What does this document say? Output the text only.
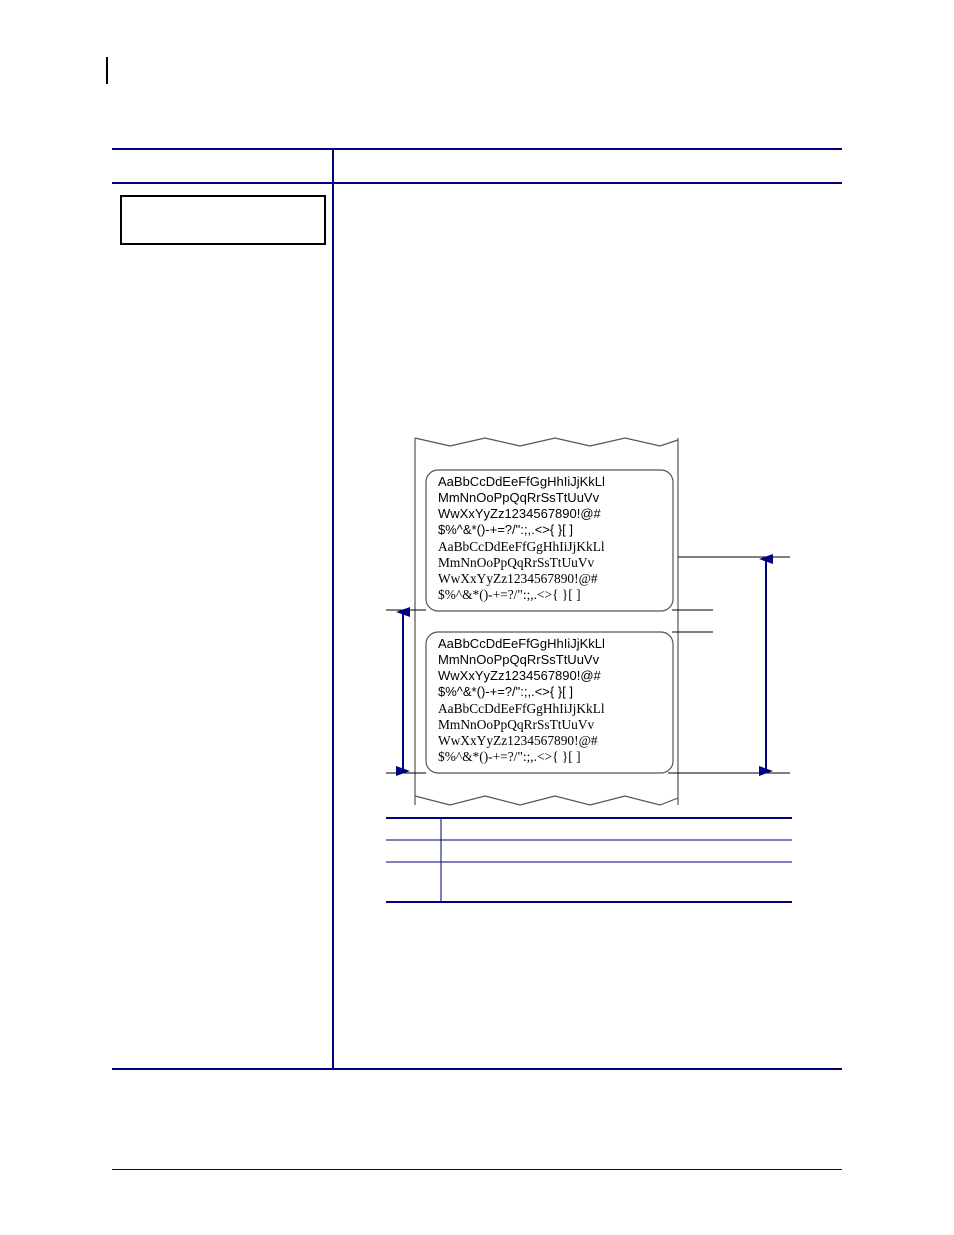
AaBbCcDdEeFfGgHhIiJjKkLl
MmNnOoPpQqRrSsTtUuVv
WwXxYyZz1234567890!@#
$%^&*()-+=?/":;,.<>{ }[ ]
AaBbCcDdEeFfGgHhIiJjKkLl
MmNnOoPpQqRrSsTtUuVv
WwXxYyZz1234567890!@#
$%^&*()-+=?/":;,.<>{ }[ ]
AaBbCcDdEeFfGgHhIiJjKkLl
MmNnOoPpQqRrSsTtUuVv
WwXxYyZz1234567890!@#
$%^&*()-+=?/":;,.<>{ }[ ]
AaBbCcDdEeFfGgHhIiJjKkLl
MmNnOoPpQqRrSsTtUuVv
WwXxYyZz1234567890!@#
$%^&*()-+=?/":;,.<>{ }[ ]
